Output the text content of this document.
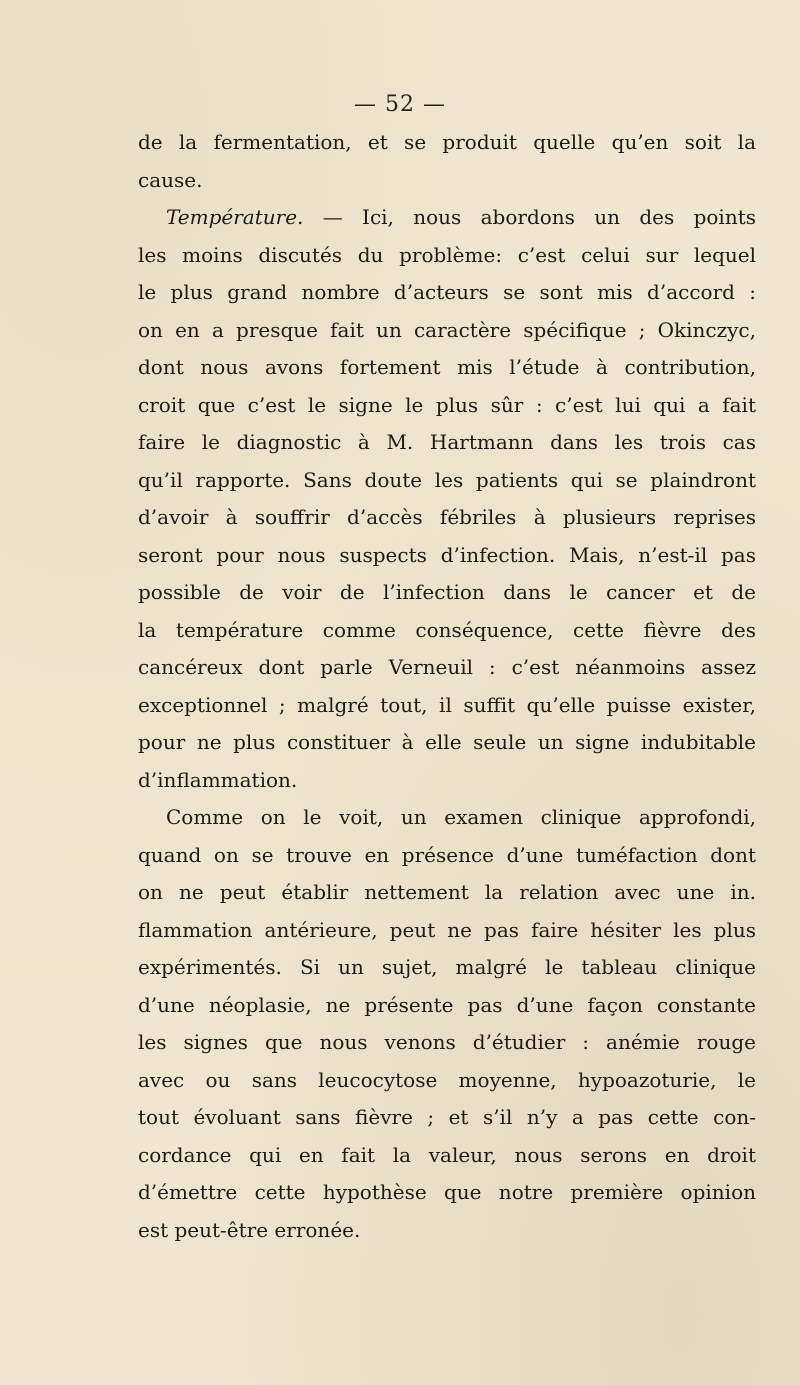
— 52 —
de la fermentation, et se produit quelle qu’en soit la
cause.
Température. — Ici, nous abordons un des points
les moins discutés du problème: c’est celui sur lequel
le plus grand nombre d’acteurs se sont mis d’accord :
on en a presque fait un caractère spécifique ; Okinczyc,
dont nous avons fortement mis l’étude à contribution,
croit que c’est le signe le plus sûr : c’est lui qui a fait
faire le diagnostic à M. Hartmann dans les trois cas
qu’il rapporte. Sans doute les patients qui se plaindront
d’avoir à souffrir d’accès fébriles à plusieurs reprises
seront pour nous suspects d’infection. Mais, n’est-il pas
possible de voir de l’infection dans le cancer et de
la température comme conséquence, cette fièvre des
cancéreux dont parle Verneuil : c’est néanmoins assez
exceptionnel ; malgré tout, il suffit qu’elle puisse exister,
pour ne plus constituer à elle seule un signe indubitable
d’inflammation.
Comme on le voit, un examen clinique approfondi,
quand on se trouve en présence d’une tuméfaction dont
on ne peut établir nettement la relation avec une in.
flammation antérieure, peut ne pas faire hésiter les plus
expérimentés. Si un sujet, malgré le tableau clinique
d’une néoplasie, ne présente pas d’une façon constante
les signes que nous venons d’étudier : anémie rouge
avec ou sans leucocytose moyenne, hypoazoturie, le
tout évoluant sans fièvre ; et s’il n’y a pas cette con-
cordance qui en fait la valeur, nous serons en droit
d’émettre cette hypothèse que notre première opinion
est peut-être erronée.
